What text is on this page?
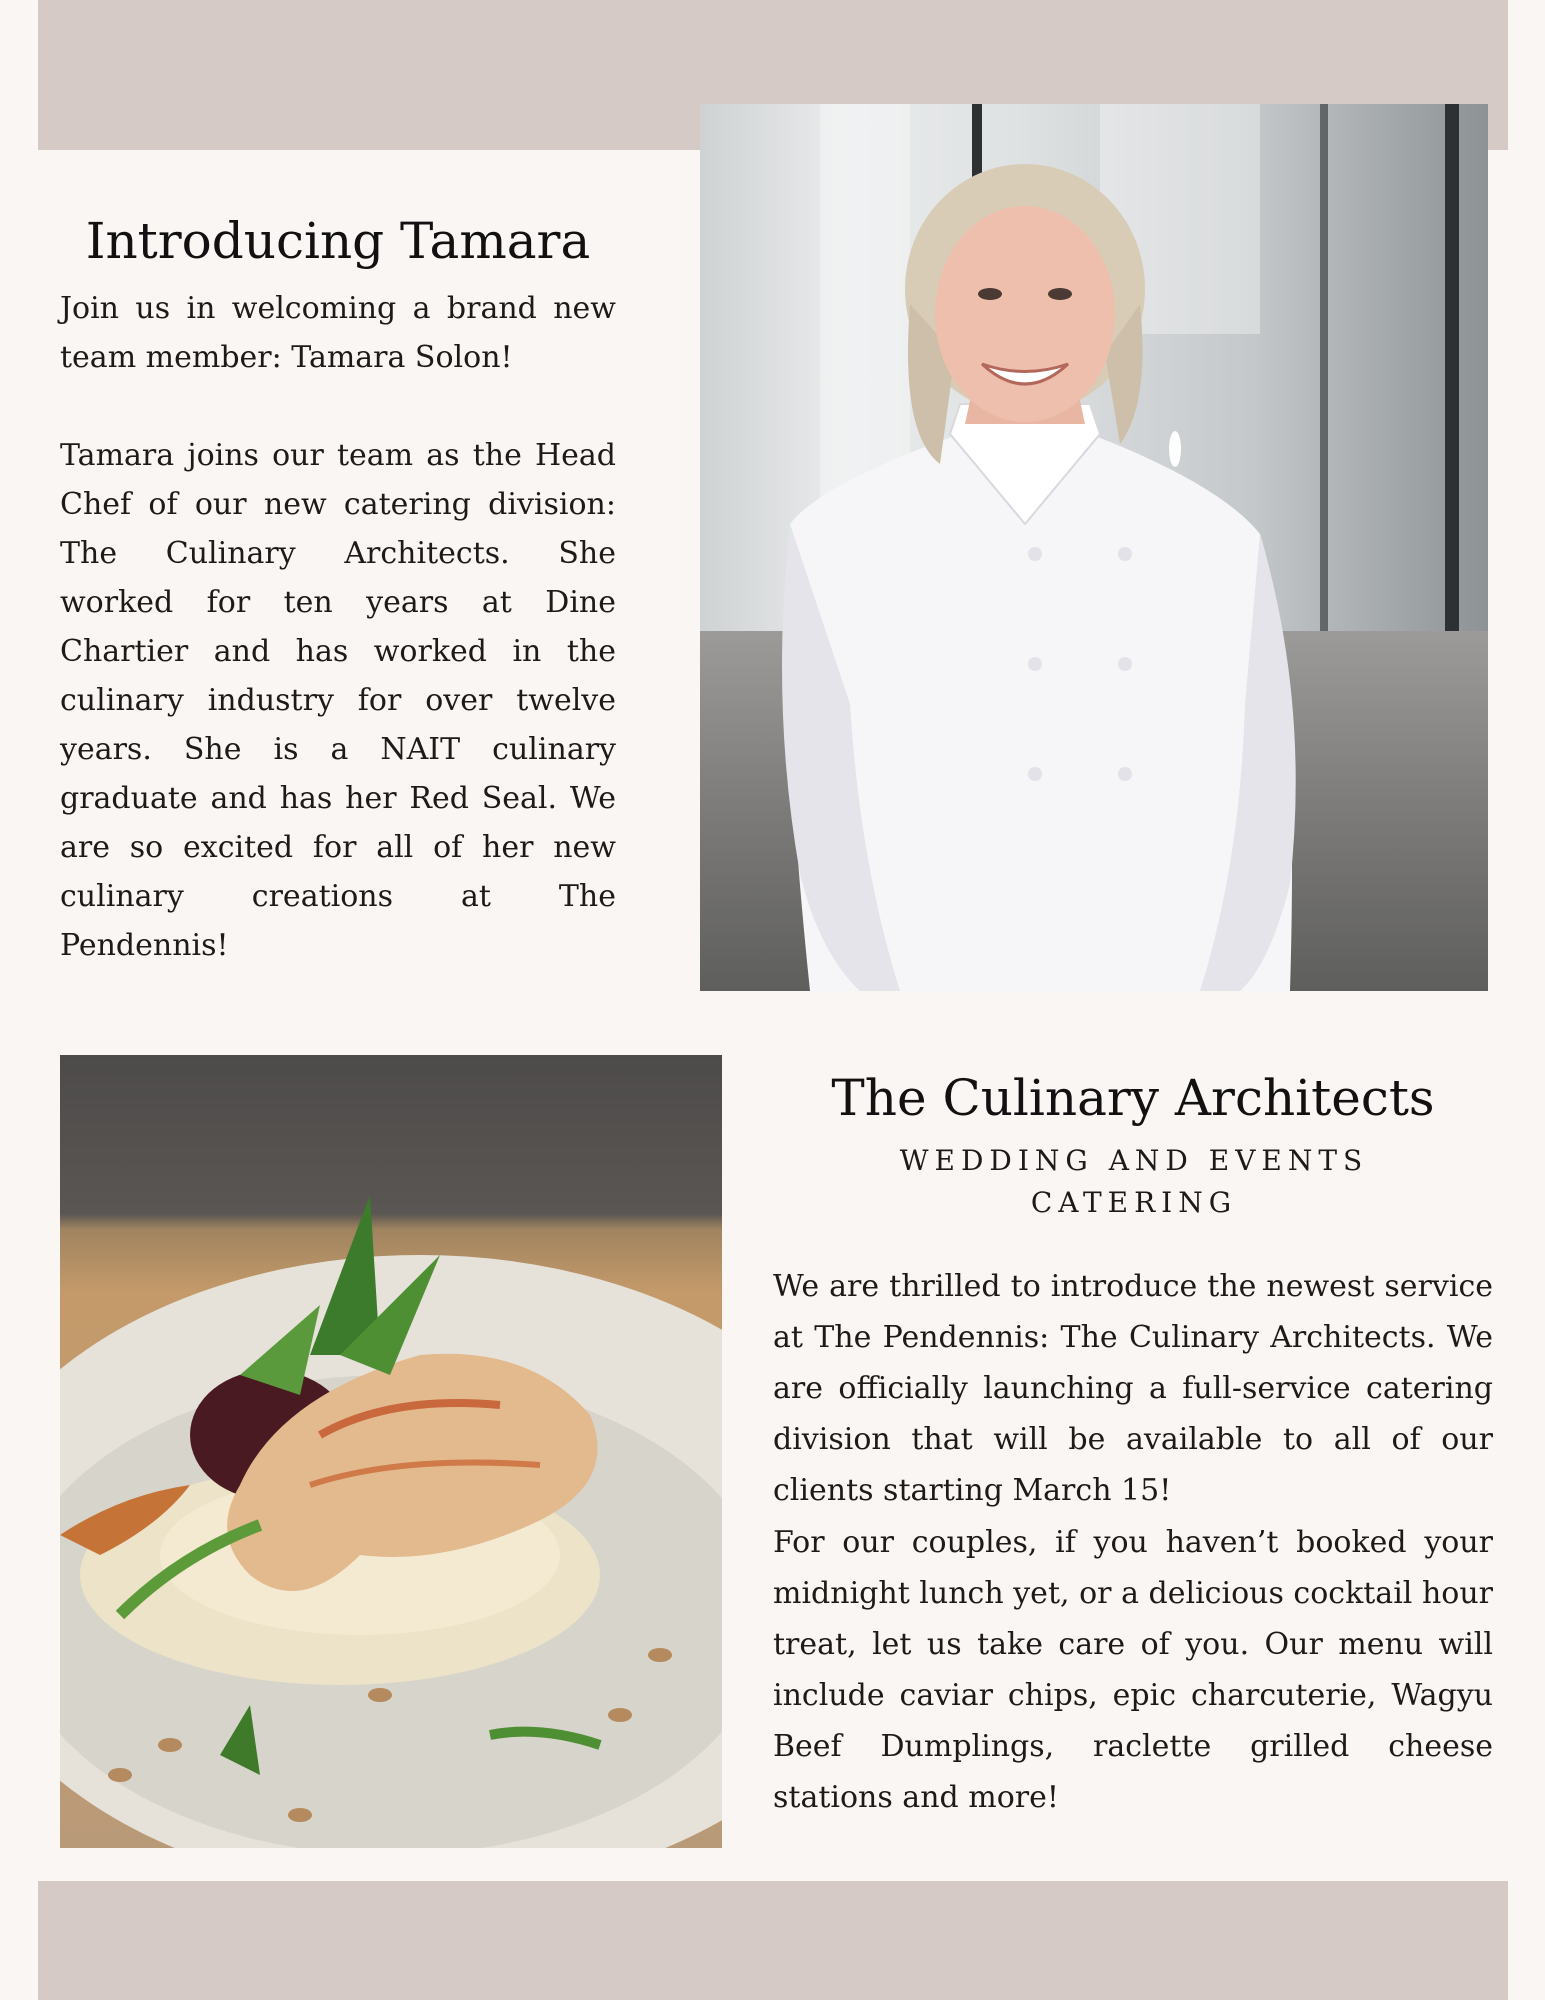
Introducing Tamara

Join us in welcoming a brand new team member: Tamara Solon!

Tamara joins our team as the Head Chef of our new catering division: The Culinary Architects. She worked for ten years at Dine Chartier and has worked in the culinary industry for over twelve years. She is a NAIT culinary graduate and has her Red Seal. We are so excited for all of her new culinary creations at The Pendennis!

The Culinary Architects
WEDDING AND EVENTS CATERING

We are thrilled to introduce the newest service at The Pendennis: The Culinary Architects. We are officially launching a full-service catering division that will be available to all of our clients starting March 15!

For our couples, if you haven’t booked your midnight lunch yet, or a delicious cocktail hour treat, let us take care of you. Our menu will include caviar chips, epic charcuterie, Wagyu Beef Dumplings, raclette grilled cheese stations and more!
